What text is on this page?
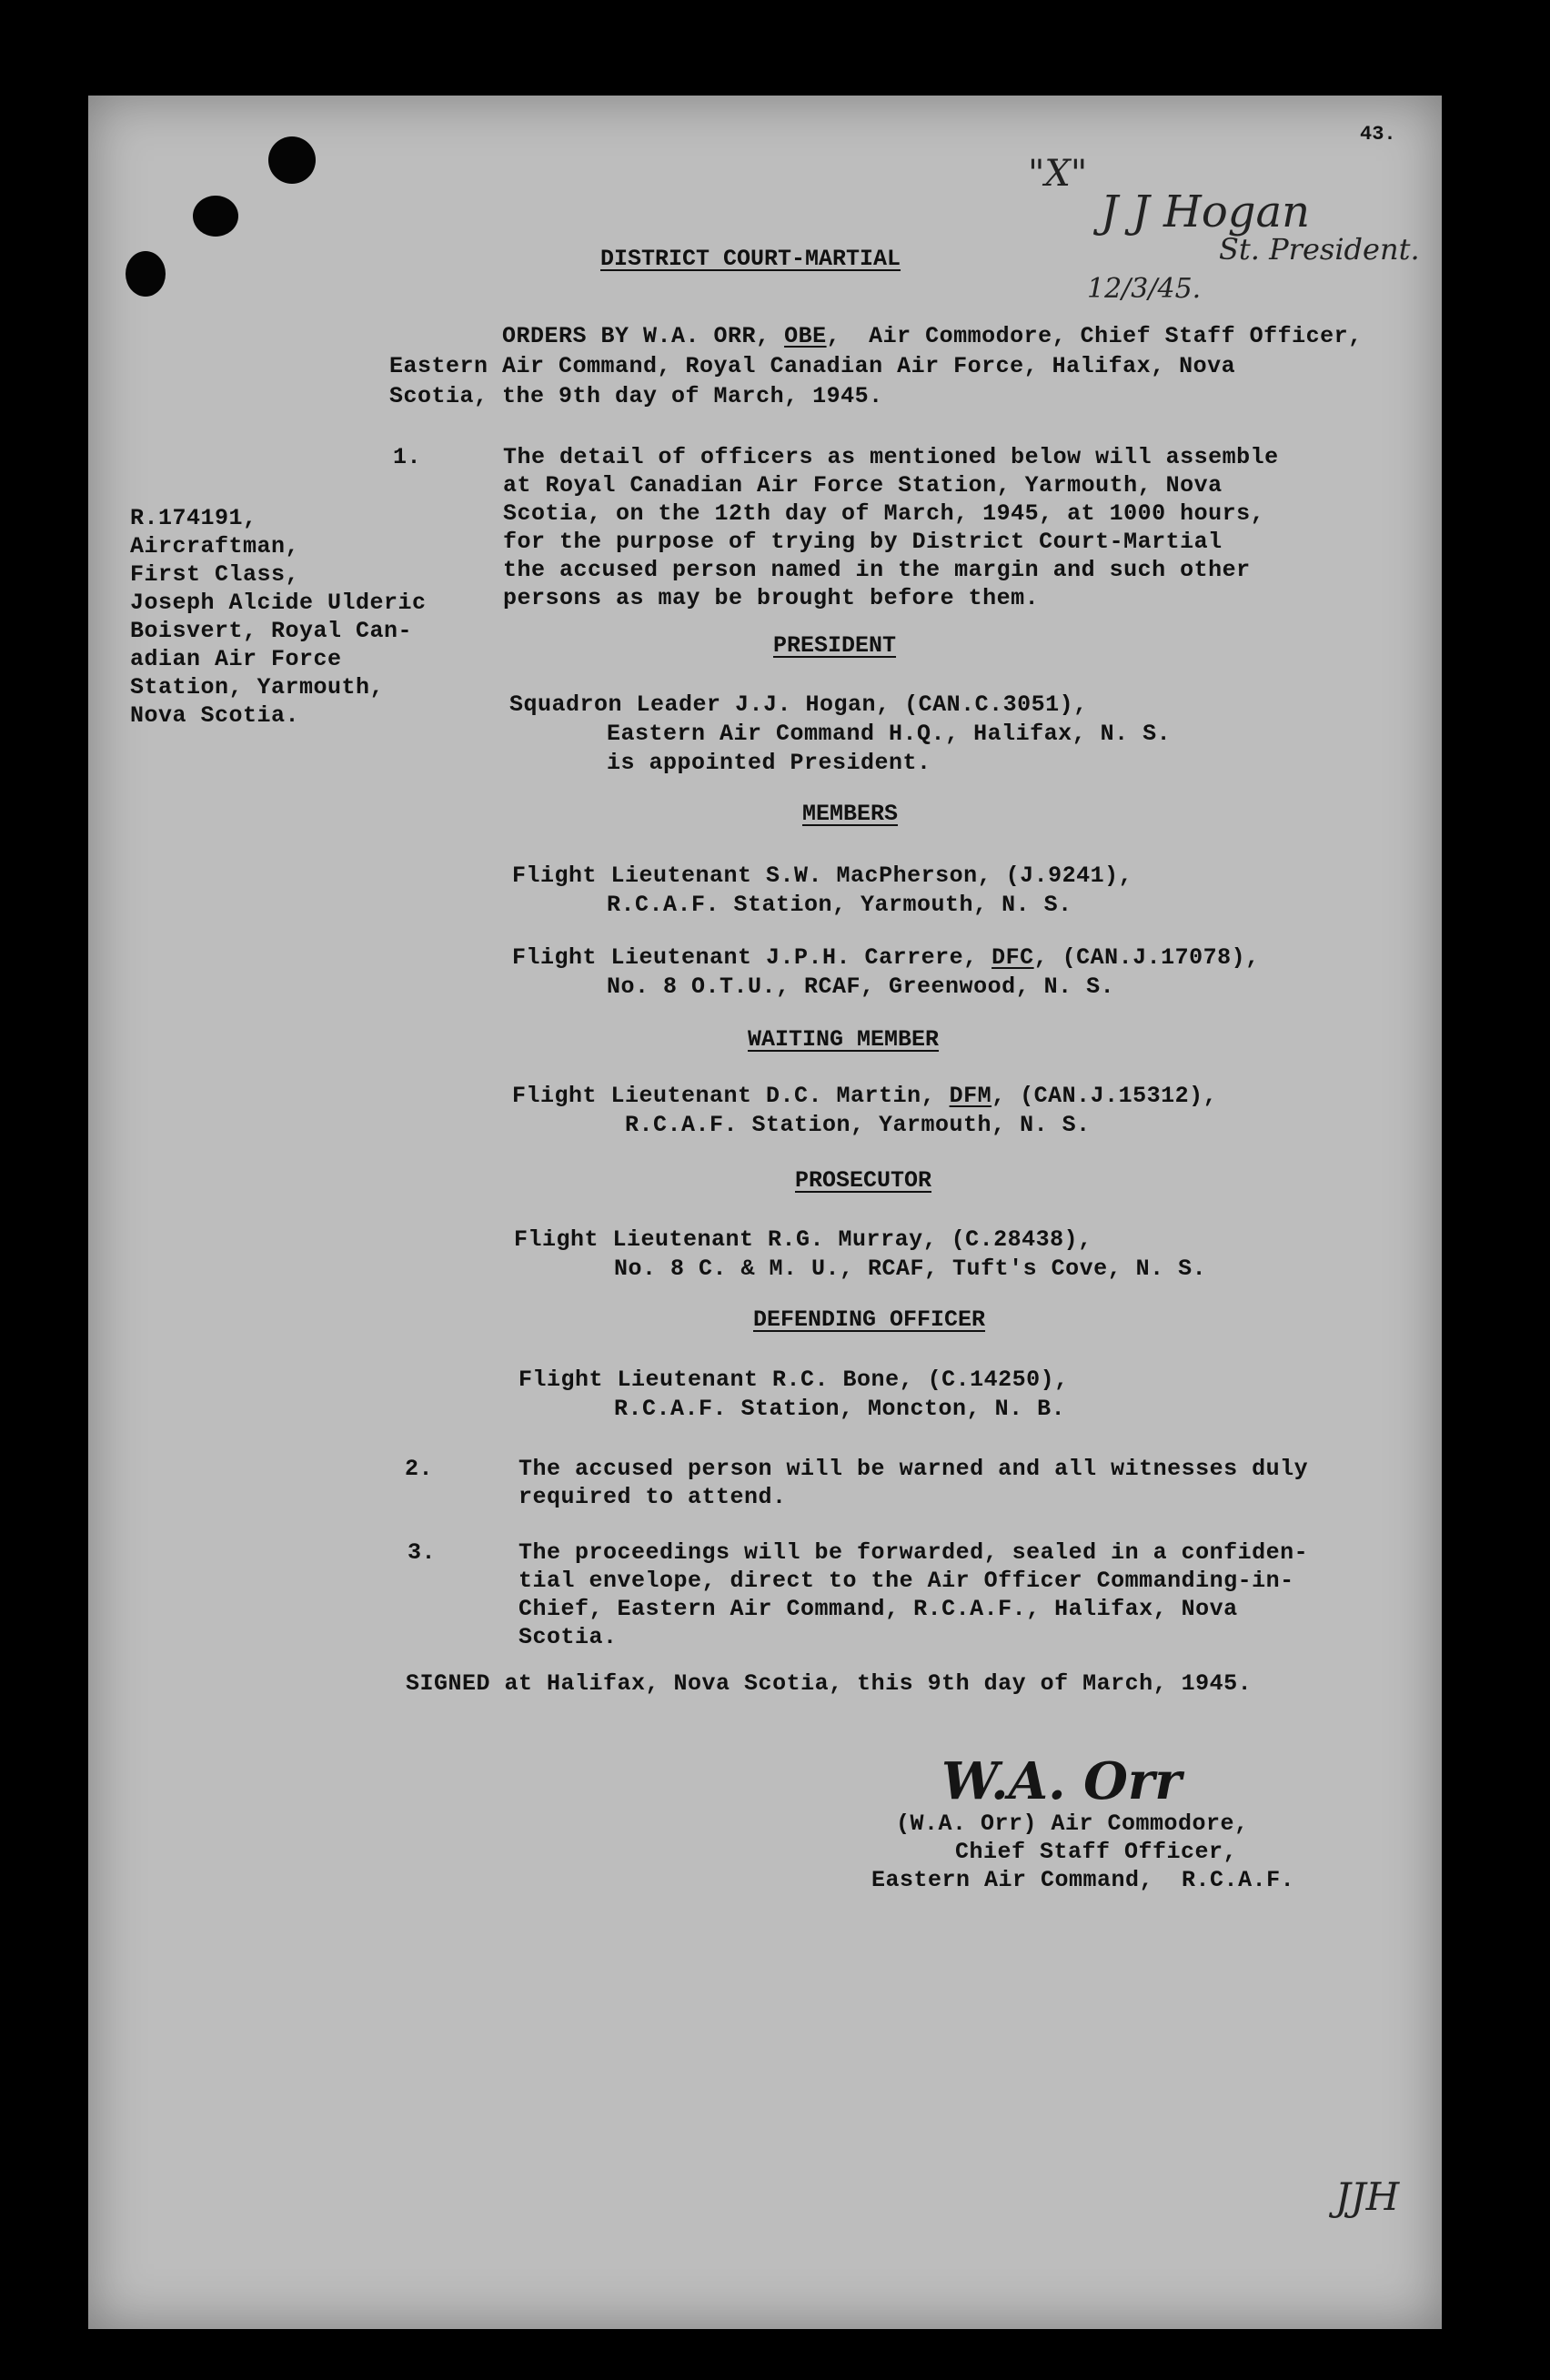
43.
"X"
J J Hogan
St. President.
12/3/45.
DISTRICT COURT-MARTIAL
ORDERS BY W.A. ORR, OBE,  Air Commodore, Chief Staff Officer,
Eastern Air Command, Royal Canadian Air Force, Halifax, Nova
Scotia, the 9th day of March, 1945.
R.174191,
Aircraftman,
First Class,
Joseph Alcide Ulderic
Boisvert, Royal Can-
adian Air Force
Station, Yarmouth,
Nova Scotia.
1.	The detail of officers as mentioned below will assemble
at Royal Canadian Air Force Station, Yarmouth, Nova
Scotia, on the 12th day of March, 1945, at 1000 hours,
for the purpose of trying by District Court-Martial
the accused person named in the margin and such other
persons as may be brought before them.
PRESIDENT
Squadron Leader J.J. Hogan, (CAN.C.3051),
Eastern Air Command H.Q., Halifax, N. S.
is appointed President.
MEMBERS
Flight Lieutenant S.W. MacPherson, (J.9241),
R.C.A.F. Station, Yarmouth, N. S.
Flight Lieutenant J.P.H. Carrere, DFC, (CAN.J.17078),
No. 8 O.T.U., RCAF, Greenwood, N. S.
WAITING MEMBER
Flight Lieutenant D.C. Martin, DFM, (CAN.J.15312),
R.C.A.F. Station, Yarmouth, N. S.
PROSECUTOR
Flight Lieutenant R.G. Murray, (C.28438),
No. 8 C. & M. U., RCAF, Tuft's Cove, N. S.
DEFENDING OFFICER
Flight Lieutenant R.C. Bone, (C.14250),
R.C.A.F. Station, Moncton, N. B.
2.	The accused person will be warned and all witnesses duly
required to attend.
3.	The proceedings will be forwarded, sealed in a confiden-
tial envelope, direct to the Air Officer Commanding-in-
Chief, Eastern Air Command, R.C.A.F., Halifax, Nova
Scotia.
SIGNED at Halifax, Nova Scotia, this 9th day of March, 1945.
W.A. Orr
(W.A. Orr) Air Commodore,
Chief Staff Officer,
Eastern Air Command,  R.C.A.F.
JJH
